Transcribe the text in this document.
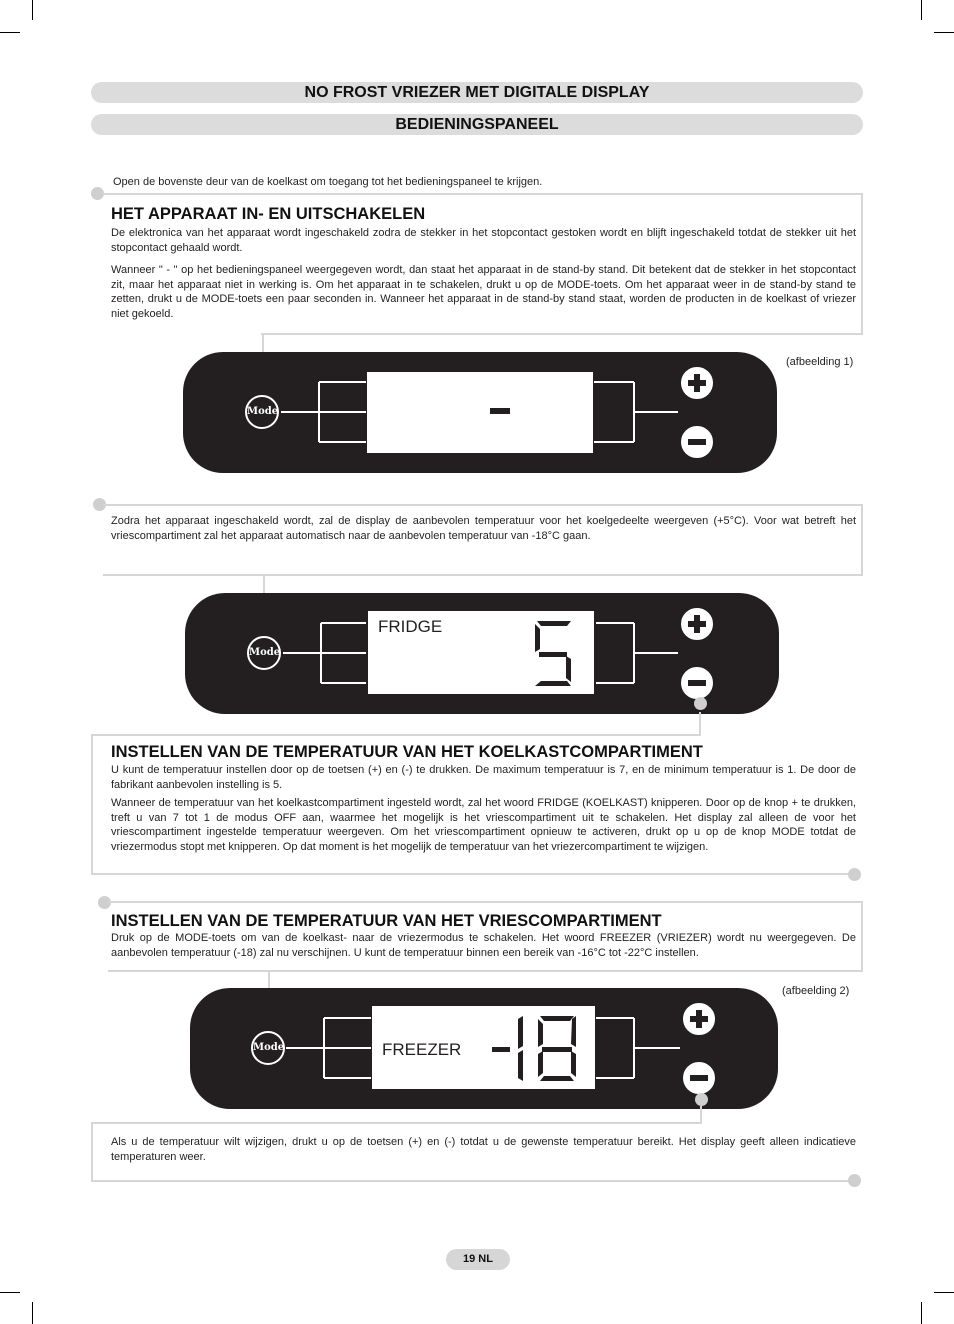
NO FROST VRIEZER MET DIGITALE DISPLAY
BEDIENINGSPANEEL
Open de bovenste deur van de koelkast om toegang tot het bedieningspaneel te krijgen.
HET APPARAAT IN- EN UITSCHAKELEN
De elektronica van het apparaat wordt ingeschakeld zodra de stekker in het stopcontact gestoken wordt en blijft ingeschakeld totdat de stekker uit het stopcontact gehaald wordt.
Wanneer " - " op het bedieningspaneel weergegeven wordt, dan staat het apparaat in de stand-by stand. Dit betekent dat de stekker in het stopcontact zit, maar het apparaat niet in werking is. Om het apparaat in te schakelen, drukt u op de MODE-toets. Om het apparaat weer in de stand-by stand te zetten, drukt u de MODE-toets een paar seconden in. Wanneer het apparaat in de stand-by stand staat, worden de producten in de koelkast of vriezer niet gekoeld.
(afbeelding 1)
Mode
Zodra het apparaat ingeschakeld wordt, zal de display de aanbevolen temperatuur voor het koelgedeelte weergeven (+5°C). Voor wat betreft het vriescompartiment zal het apparaat automatisch naar de aanbevolen temperatuur van -18°C gaan.
Mode
FRIDGE
INSTELLEN VAN DE TEMPERATUUR VAN HET KOELKASTCOMPARTIMENT
U kunt de temperatuur instellen door op de toetsen (+) en (-) te drukken. De maximum temperatuur is 7, en de minimum temperatuur is 1. De door de fabrikant aanbevolen instelling is 5.
Wanneer de temperatuur van het koelkastcompartiment ingesteld wordt, zal het woord FRIDGE (KOELKAST) knipperen. Door op de knop + te drukken, treft u van 7 tot 1 de modus OFF aan, waarmee het mogelijk is het vriescompartiment uit te schakelen. Het display zal alleen de voor het vriescompartiment ingestelde temperatuur weergeven. Om het vriescompartiment opnieuw te activeren, drukt op u op de knop MODE totdat de vriezermodus stopt met knipperen. Op dat moment is het mogelijk de temperatuur van het vriezercompartiment te wijzigen.
INSTELLEN VAN DE TEMPERATUUR VAN HET VRIESCOMPARTIMENT
Druk op de MODE-toets om van de koelkast- naar de vriezermodus te schakelen. Het woord FREEZER (VRIEZER) wordt nu weergegeven. De aanbevolen temperatuur (-18) zal nu verschijnen. U kunt de temperatuur binnen een bereik van -16°C tot -22°C instellen.
(afbeelding 2)
Mode	FREEZER
Als u de temperatuur wilt wijzigen, drukt u op de toetsen (+) en (-) totdat u de gewenste temperatuur bereikt. Het display geeft alleen indicatieve temperaturen weer.
19 NL
